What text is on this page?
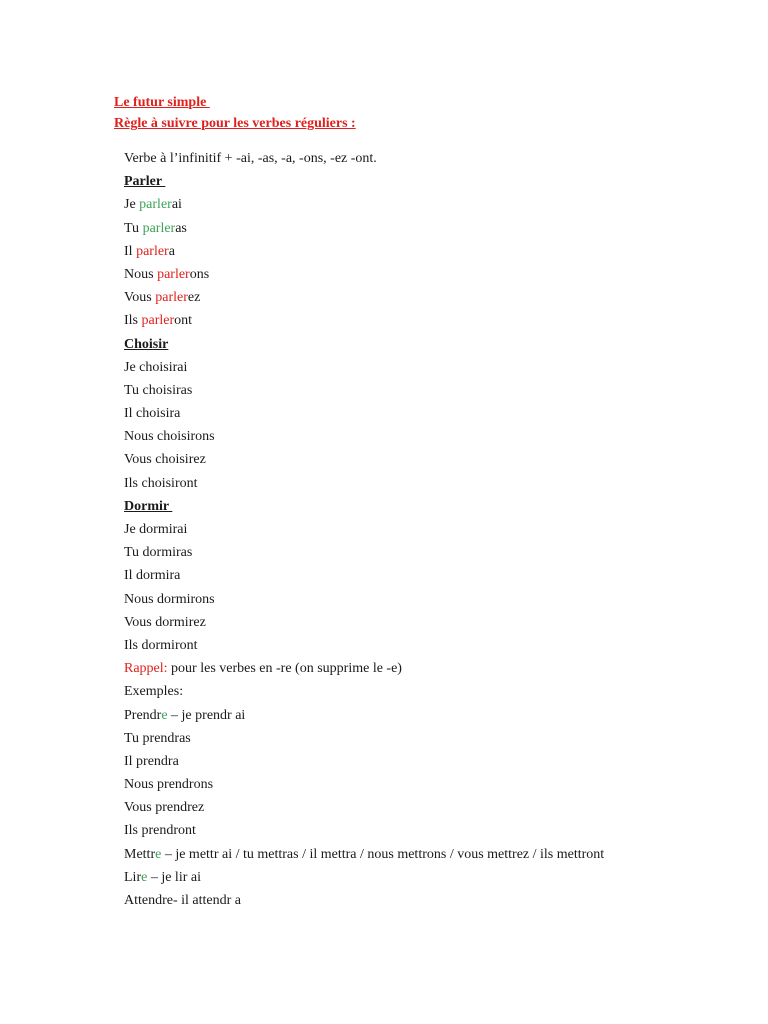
Le futur simple
Règle à suivre pour les verbes réguliers :
Verbe à l’infinitif + -ai, -as, -a, -ons, -ez -ont.
Parler
Je parlerai
Tu parleras
Il parlera
Nous parlerons
Vous parlerez
Ils parleront
Choisir
Je choisirai
Tu choisiras
Il choisira
Nous choisirons
Vous choisirez
Ils choisiront
Dormir
Je dormirai
Tu dormiras
Il dormira
Nous dormirons
Vous dormirez
Ils dormiront
Rappel: pour les verbes en -re (on supprime le -e)
Exemples:
Prendre – je prendr ai
Tu prendras
Il prendra
Nous prendrons
Vous prendrez
Ils prendront
Mettre – je mettr ai / tu mettras / il mettra / nous mettrons / vous mettrez / ils mettront
Lire – je lir ai
Attendre- il attendr a
